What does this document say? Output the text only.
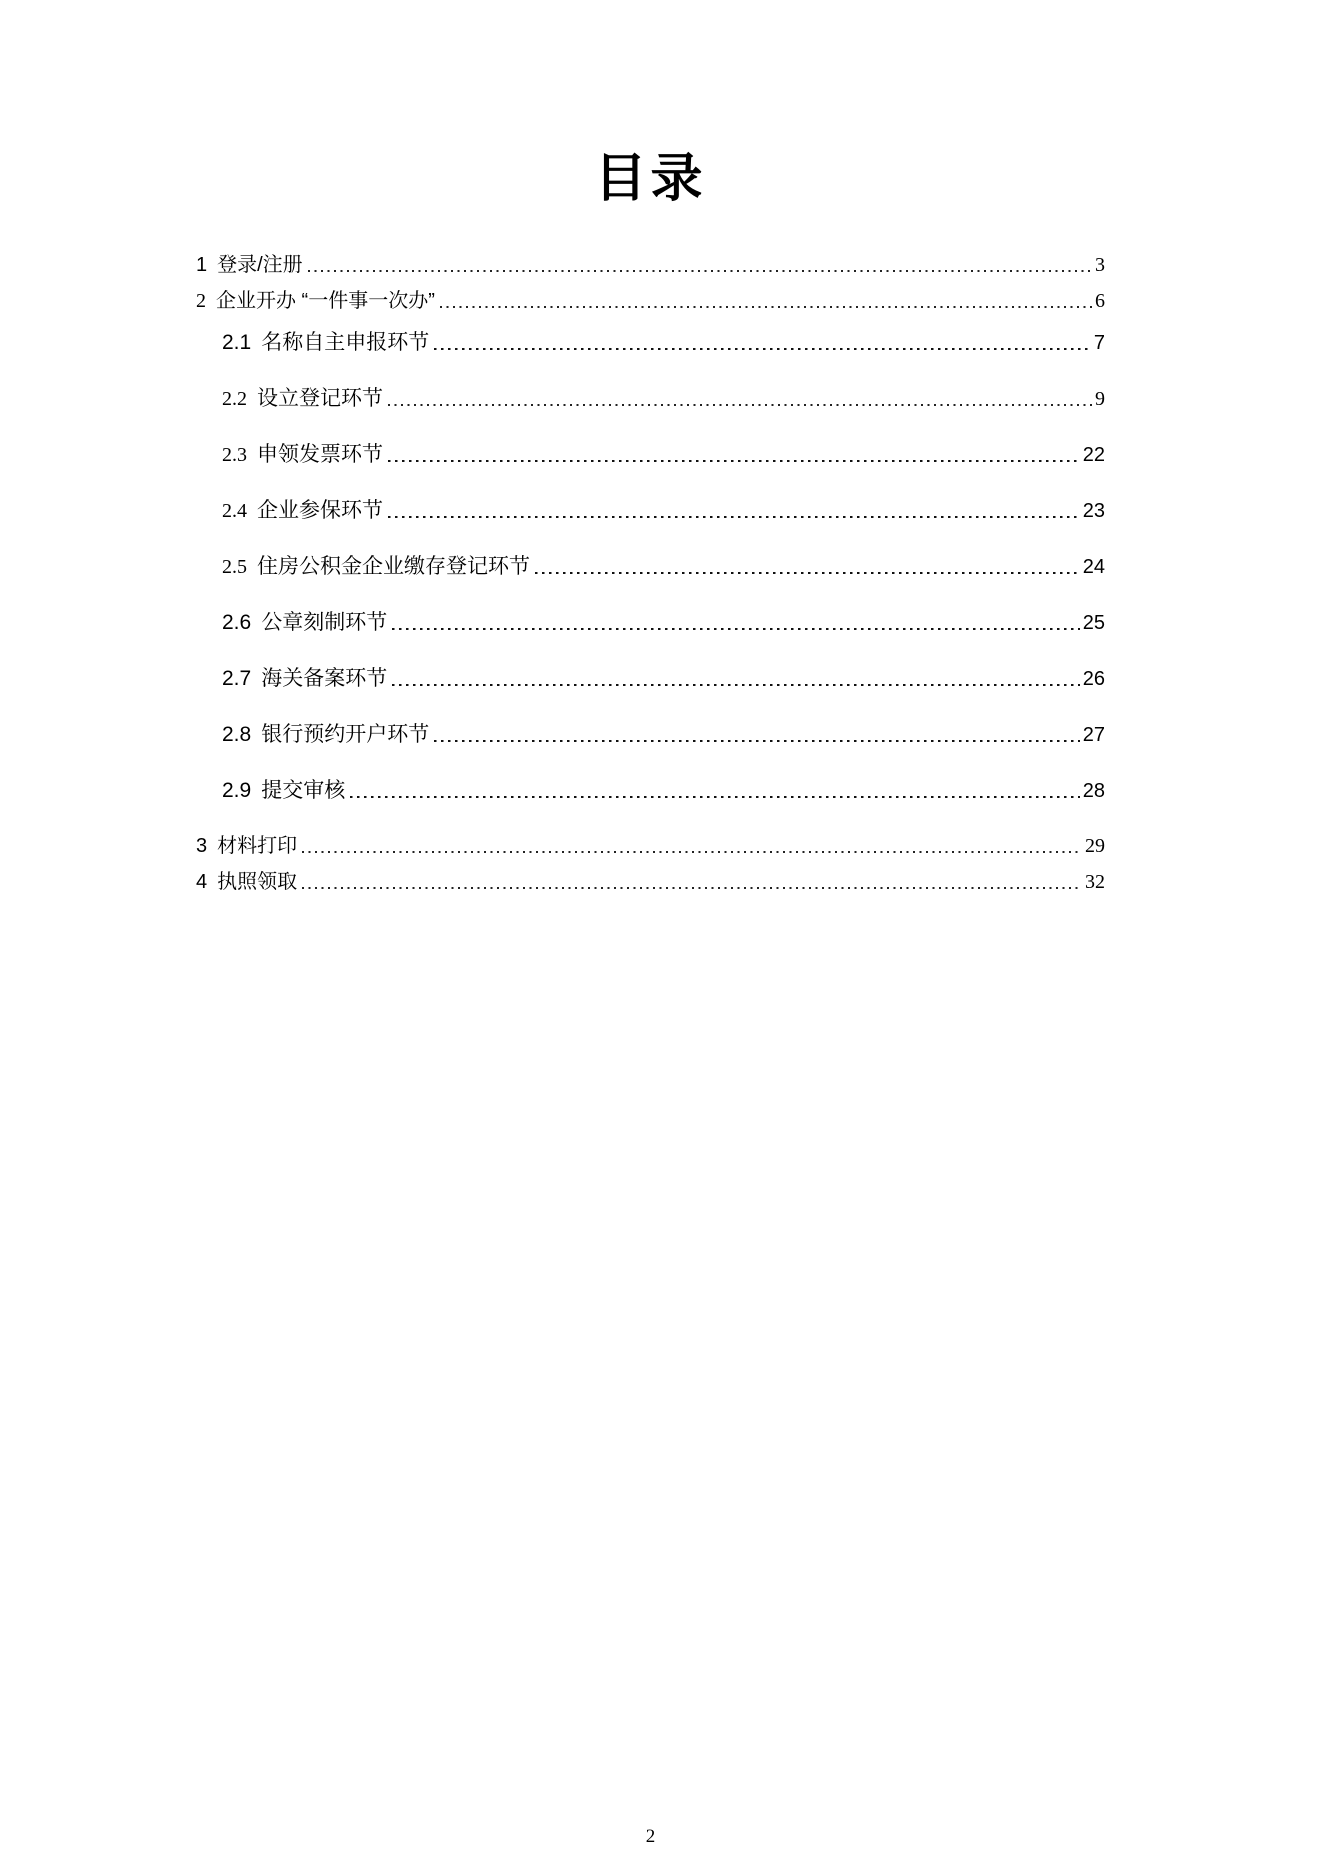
目录
1 登录/注册	3
2 企业开办 “一件事一次办”	6
2.1 名称自主申报环节	7
2.2 设立登记环节	9
2.3 申领发票环节	22
2.4 企业参保环节	23
2.5 住房公积金企业缴存登记环节	24
2.6 公章刻制环节	25
2.7 海关备案环节	26
2.8 银行预约开户环节	27
2.9 提交审核	28
3 材料打印	29
4 执照领取	32
2
